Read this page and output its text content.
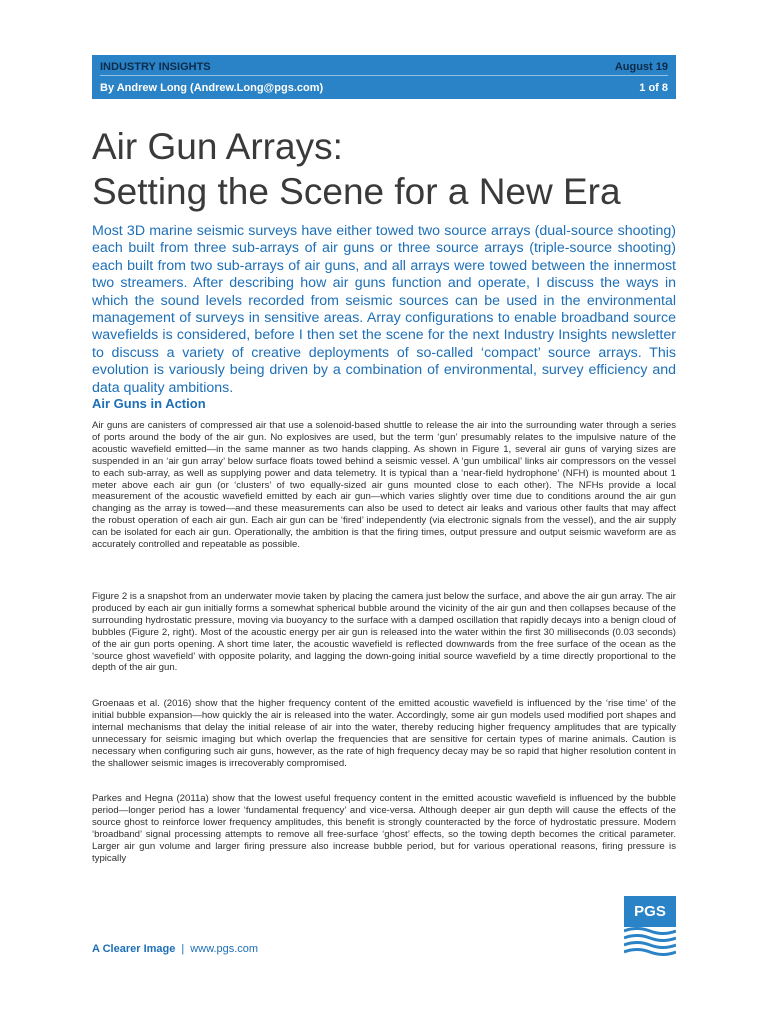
INDUSTRY INSIGHTS	August 19
By Andrew Long (Andrew.Long@pgs.com)	1 of 8
Air Gun Arrays:
Setting the Scene for a New Era

Most 3D marine seismic surveys have either towed two source arrays (dual-source shooting) each built from three sub-arrays of air guns or three source arrays (triple-source shooting) each built from two sub-arrays of air guns, and all arrays were towed between the innermost two streamers. After describing how air guns function and operate, I discuss the ways in which the sound levels recorded from seismic sources can be used in the environmental management of surveys in sensitive areas. Array configurations to enable broadband source wavefields is considered, before I then set the scene for the next Industry Insights newsletter to discuss a variety of creative deployments of so-called ‘compact’ source arrays. This evolution is variously being driven by a combination of environmental, survey efficiency and data quality ambitions.

Air Guns in Action

Air guns are canisters of compressed air that use a solenoid-based shuttle to release the air into the surrounding water through a series of ports around the body of the air gun. No explosives are used, but the term ‘gun’ presumably relates to the impulsive nature of the acoustic wavefield emitted—in the same manner as two hands clapping. As shown in Figure 1, several air guns of varying sizes are suspended in an ‘air gun array’ below surface floats towed behind a seismic vessel. A ‘gun umbilical’ links air compressors on the vessel to each sub-array, as well as supplying power and data telemetry. It is typical than a ‘near-field hydrophone’ (NFH) is mounted about 1 meter above each air gun (or ‘clusters’ of two equally-sized air guns mounted close to each other). The NFHs provide a local measurement of the acoustic wavefield emitted by each air gun—which varies slightly over time due to conditions around the air gun changing as the array is towed—and these measurements can also be used to detect air leaks and various other faults that may affect the robust operation of each air gun. Each air gun can be ‘fired’ independently (via electronic signals from the vessel), and the air supply can be isolated for each air gun. Operationally, the ambition is that the firing times, output pressure and output seismic waveform are as accurately controlled and repeatable as possible.

Figure 2 is a snapshot from an underwater movie taken by placing the camera just below the surface, and above the air gun array. The air produced by each air gun initially forms a somewhat spherical bubble around the vicinity of the air gun and then collapses because of the surrounding hydrostatic pressure, moving via buoyancy to the surface with a damped oscillation that rapidly decays into a benign cloud of bubbles (Figure 2, right). Most of the acoustic energy per air gun is released into the water within the first 30 milliseconds (0.03 seconds) of the air gun ports opening. A short time later, the acoustic wavefield is reflected downwards from the free surface of the ocean as the ‘source ghost wavefield’ with opposite polarity, and lagging the down-going initial source wavefield by a time directly proportional to the depth of the air gun.

Groenaas et al. (2016) show that the higher frequency content of the emitted acoustic wavefield is influenced by the ‘rise time’ of the initial bubble expansion—how quickly the air is released into the water. Accordingly, some air gun models used modified port shapes and internal mechanisms that delay the initial release of air into the water, thereby reducing higher frequency amplitudes that are typically unnecessary for seismic imaging but which overlap the frequencies that are sensitive for certain types of marine animals. Caution is necessary when configuring such air guns, however, as the rate of high frequency decay may be so rapid that higher resolution content in the shallower seismic images is irrecoverably compromised.

Parkes and Hegna (2011a) show that the lowest useful frequency content in the emitted acoustic wavefield is influenced by the bubble period—longer period has a lower ‘fundamental frequency’ and vice-versa. Although deeper air gun depth will cause the effects of the source ghost to reinforce lower frequency amplitudes, this benefit is strongly counteracted by the force of hydrostatic pressure. Modern ‘broadband’ signal processing attempts to remove all free-surface ‘ghost’ effects, so the towing depth becomes the critical parameter. Larger air gun volume and larger firing pressure also increase bubble period, but for various operational reasons, firing pressure is typically

PGS
A Clearer Image | www.pgs.com
